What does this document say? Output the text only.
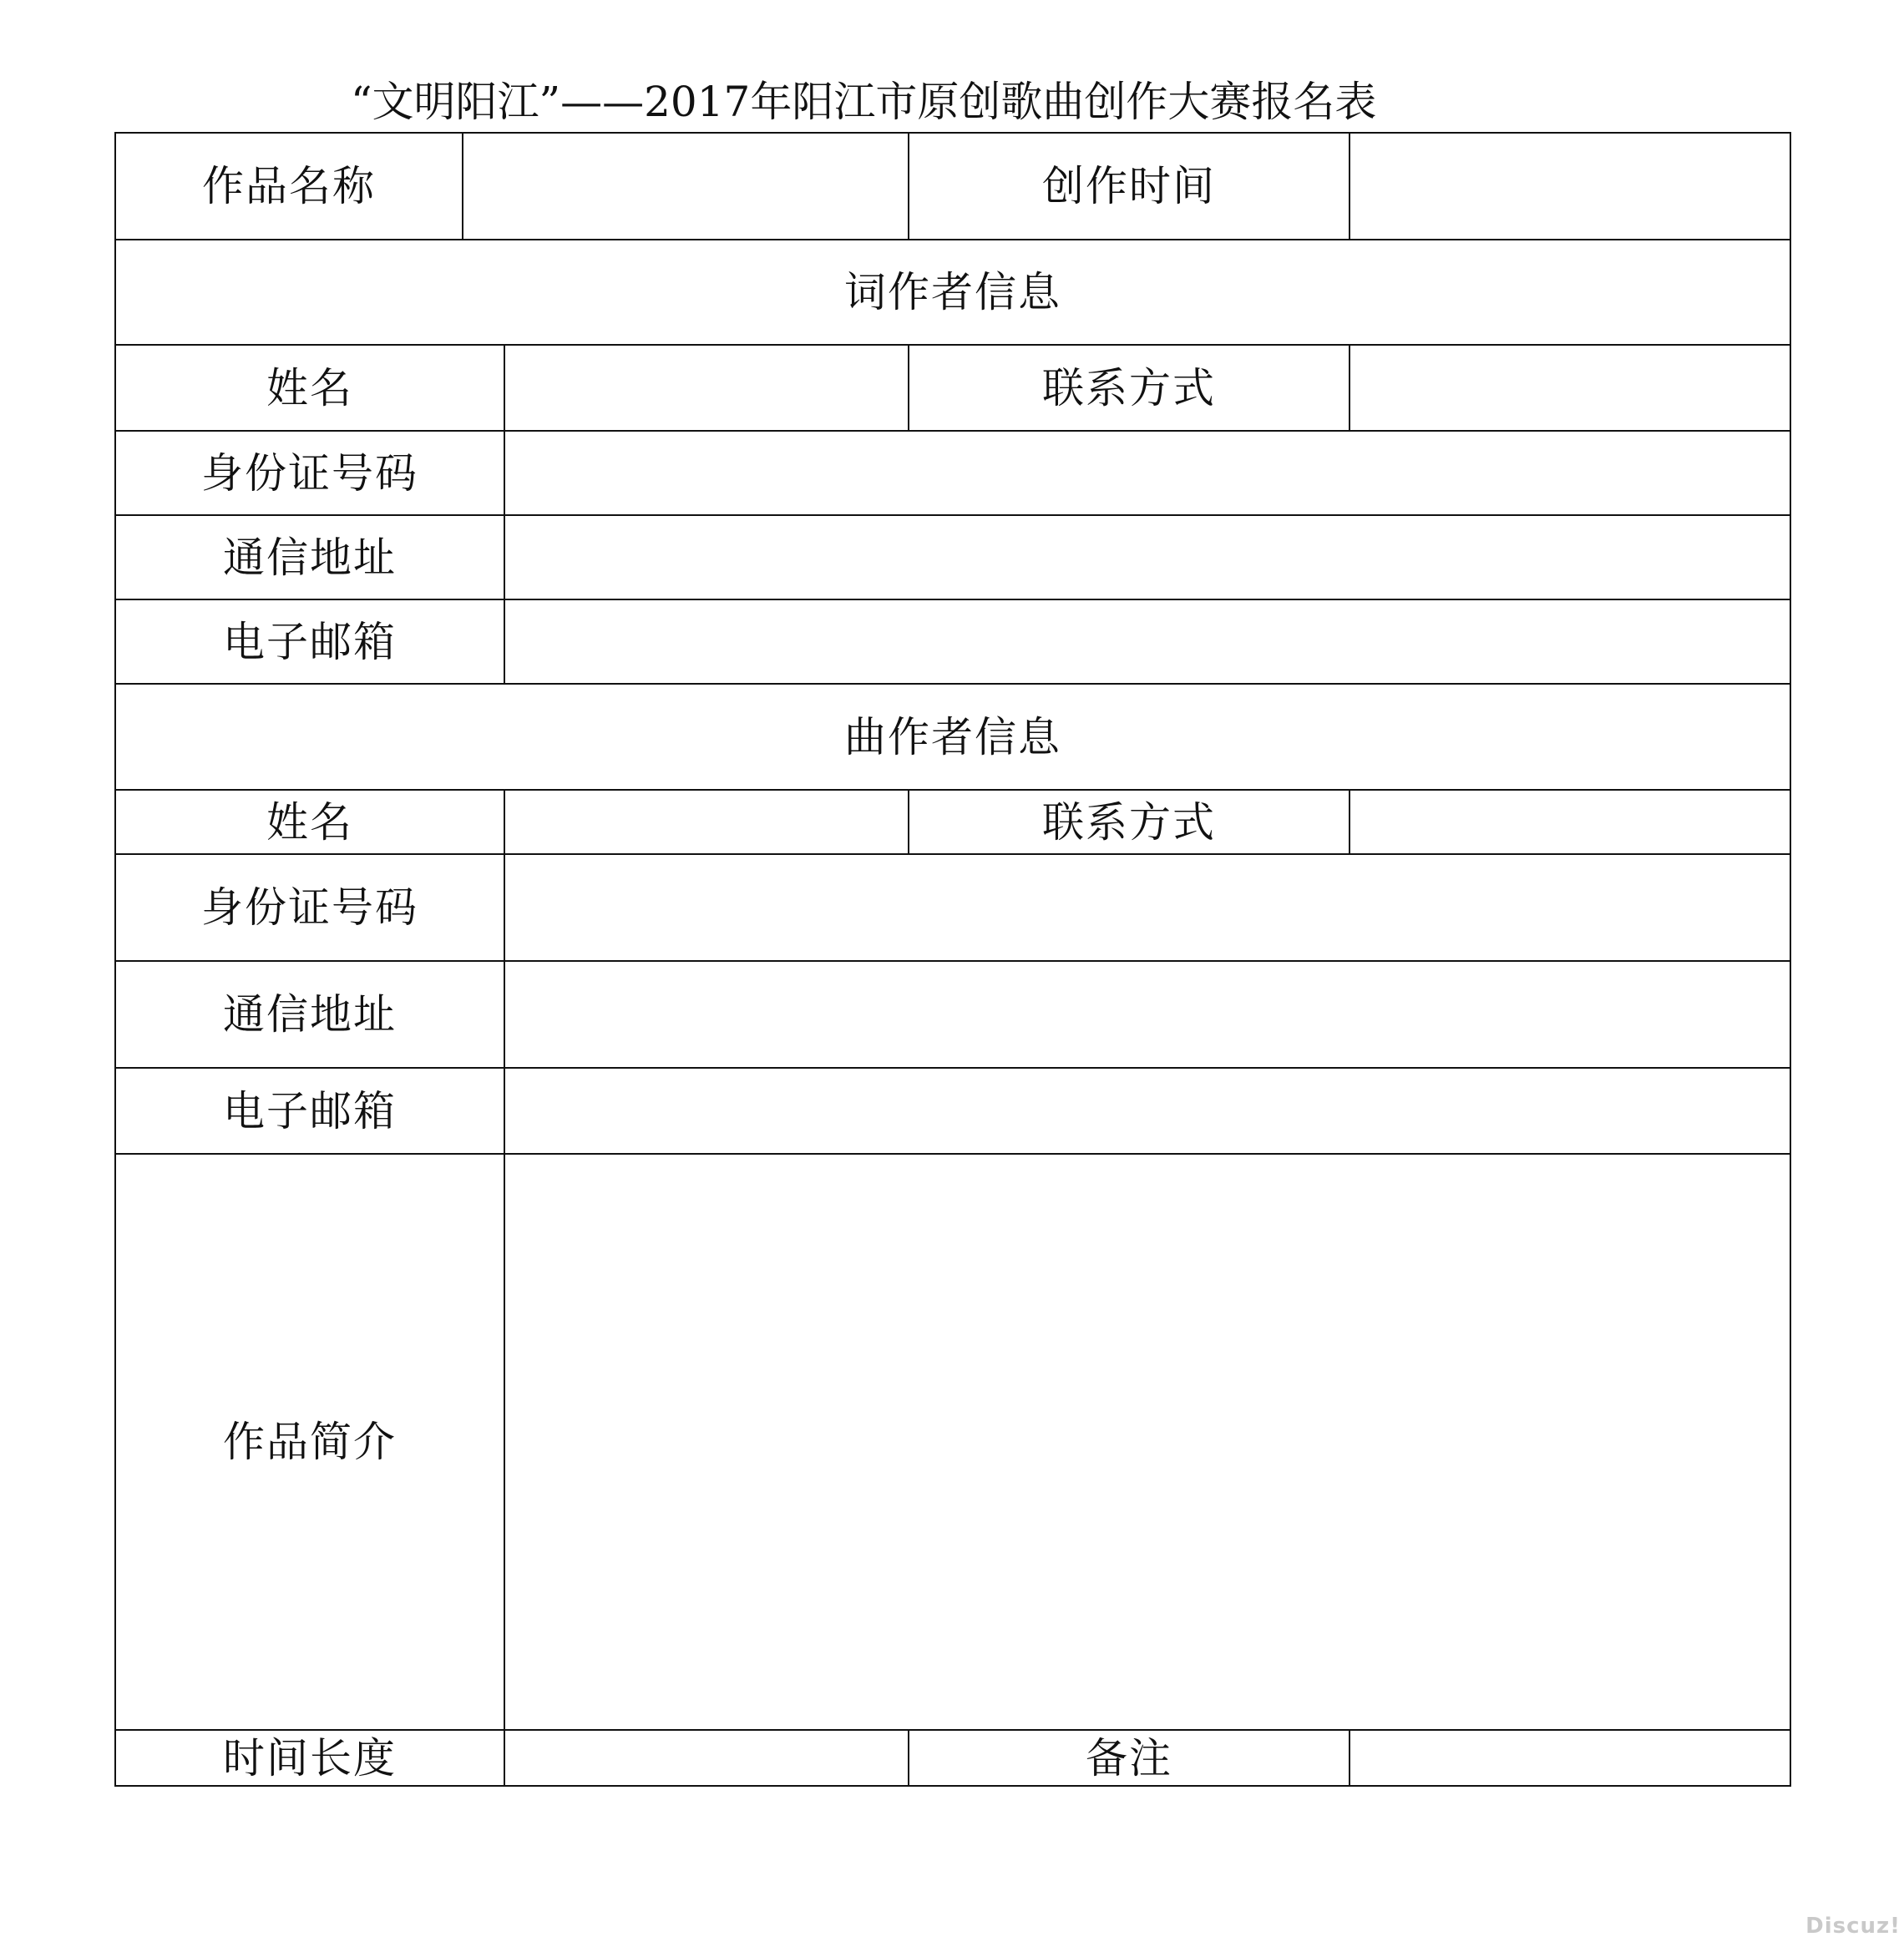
“文明阳江”——2017年阳江市原创歌曲创作大赛报名表
作品名称			创作时间	
词作者信息				
姓名			联系方式	
身份证号码				
通信地址				
电子邮箱				
曲作者信息				
姓名			联系方式	
身份证号码				
通信地址				
电子邮箱				
作品简介				
时间长度			备注	
Discuz!
